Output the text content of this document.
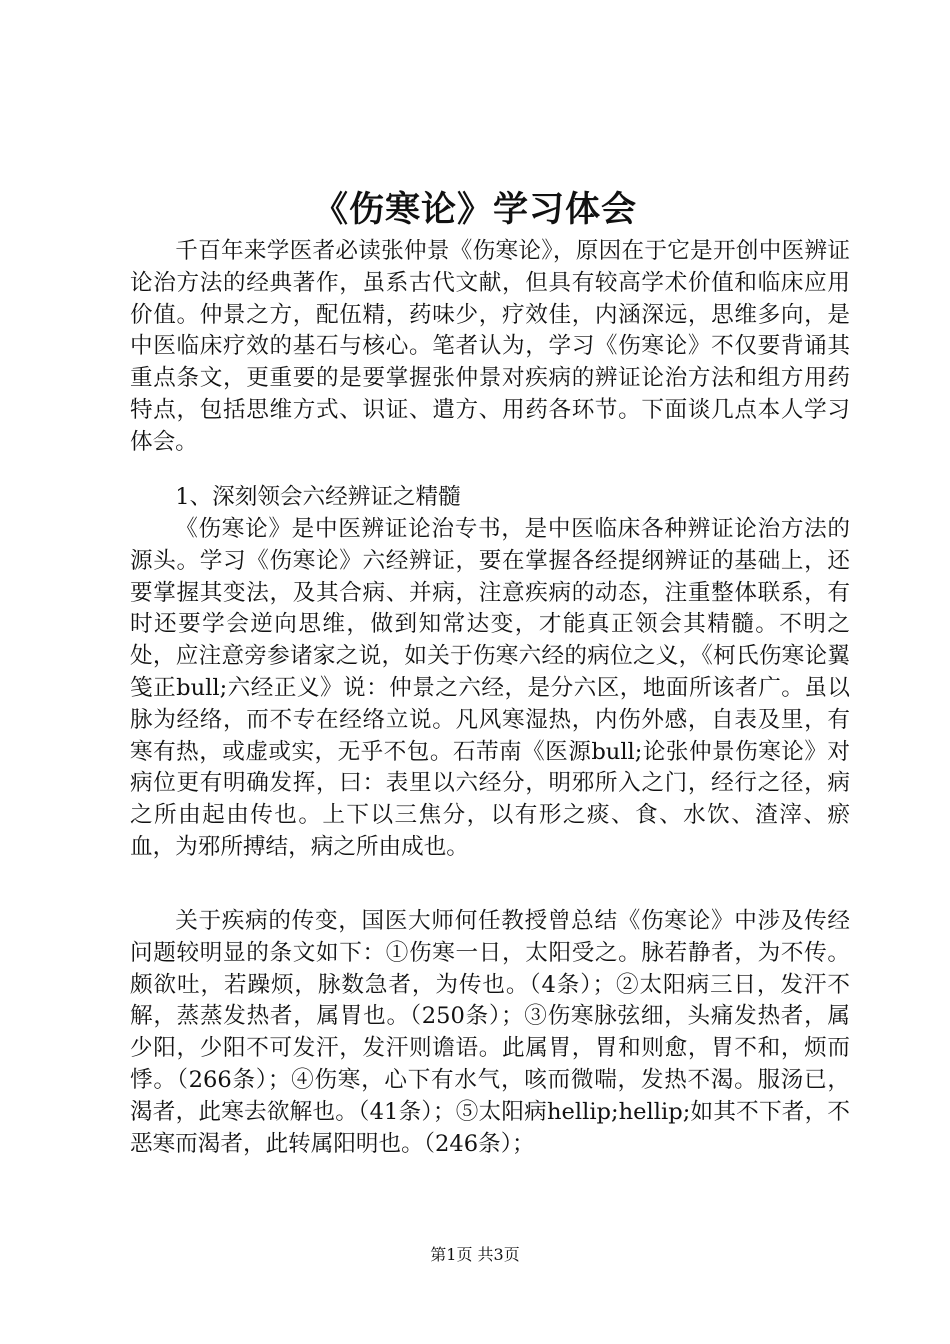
《伤寒论》学习体会

千百年来学医者必读张仲景《伤寒论》，原因在于它是开创中医辨证论治方法的经典著作，虽系古代文献，但具有较高学术价值和临床应用价值。仲景之方，配伍精，药味少，疗效佳，内涵深远，思维多向，是中医临床疗效的基石与核心。笔者认为，学习《伤寒论》不仅要背诵其重点条文，更重要的是要掌握张仲景对疾病的辨证论治方法和组方用药特点，包括思维方式、识证、遣方、用药各环节。下面谈几点本人学习体会。

1、深刻领会六经辨证之精髓

《伤寒论》是中医辨证论治专书，是中医临床各种辨证论治方法的源头。学习《伤寒论》六经辨证，要在掌握各经提纲辨证的基础上，还要掌握其变法，及其合病、并病，注意疾病的动态，注重整体联系，有时还要学会逆向思维，做到知常达变，才能真正领会其精髓。不明之处，应注意旁参诸家之说，如关于伤寒六经的病位之义，《柯氏伤寒论翼笺正bull;六经正义》说：仲景之六经，是分六区，地面所该者广。虽以脉为经络，而不专在经络立说。凡风寒湿热，内伤外感，自表及里，有寒有热，或虚或实，无乎不包。石芾南《医源bull;论张仲景伤寒论》对病位更有明确发挥，曰：表里以六经分，明邪所入之门，经行之径，病之所由起由传也。上下以三焦分，以有形之痰、食、水饮、渣滓、瘀血，为邪所搏结，病之所由成也。

关于疾病的传变，国医大师何任教授曾总结《伤寒论》中涉及传经问题较明显的条文如下：①伤寒一日，太阳受之。脉若静者，为不传。颇欲吐，若躁烦，脉数急者，为传也。（4条）；②太阳病三日，发汗不解，蒸蒸发热者，属胃也。（250条）；③伤寒脉弦细，头痛发热者，属少阳，少阳不可发汗，发汗则谵语。此属胃，胃和则愈，胃不和，烦而悸。（266条）；④伤寒，心下有水气，咳而微喘，发热不渴。服汤已，渴者，此寒去欲解也。（41条）；⑤太阳病hellip;hellip;如其不下者，不恶寒而渴者，此转属阳明也。（246条）；

第1页 共3页
